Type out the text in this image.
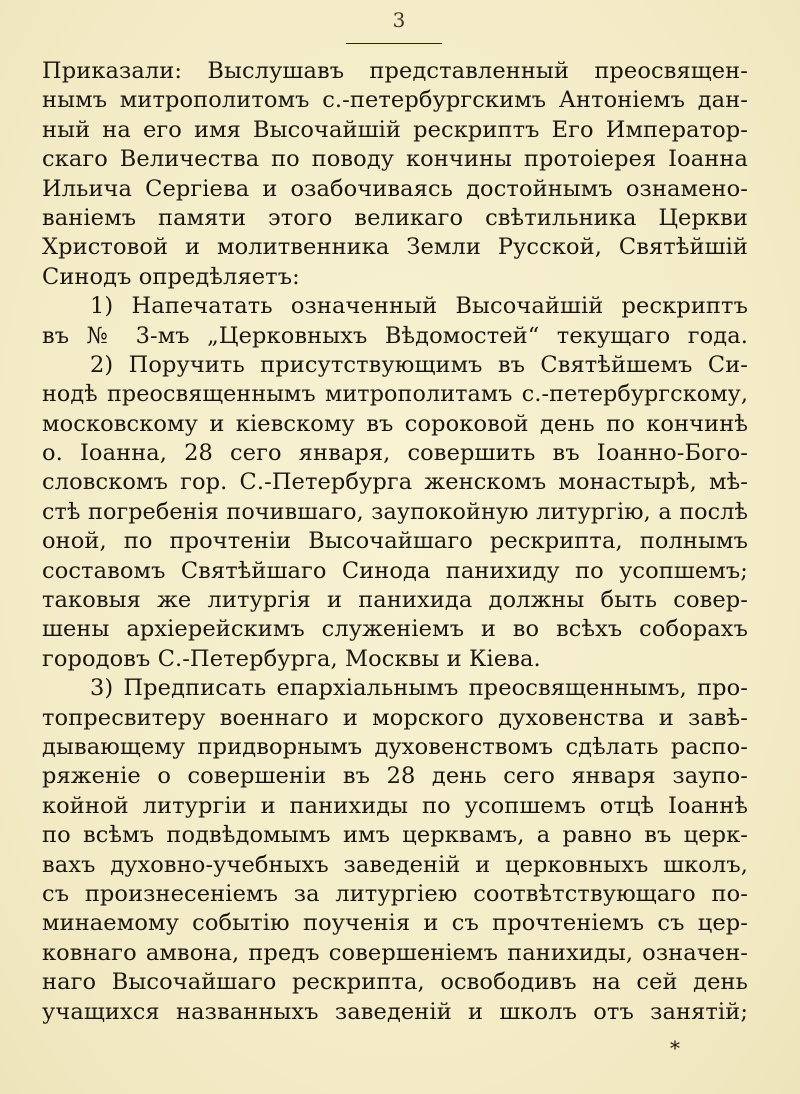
3
Приказали: Выслушавъ представленный преосвящен-
нымъ митрополитомъ с.-петербургскимъ Антоніемъ дан-
ный на его имя Высочайшій рескриптъ Его Император-
скаго Величества по поводу кончины протоіерея Іоанна
Ильича Сергіева и озабочиваясь достойнымъ ознамено-
ваніемъ памяти этого великаго свѣтильника Церкви
Христовой и молитвенника Земли Русской, Святѣйшій
Синодъ опредѣляетъ:
1) Напечатать означенный Высочайшій рескриптъ
въ № 3-мъ „Церковныхъ Вѣдомостей“ текущаго года.
2) Поручить присутствующимъ въ Святѣйшемъ Си-
нодѣ преосвященнымъ митрополитамъ с.-петербургскому,
московскому и кіевскому въ сороковой день по кончинѣ
о. Іоанна, 28 сего января, совершить въ Іоанно-Бого-
словскомъ гор. С.-Петербурга женскомъ монастырѣ, мѣ-
стѣ погребенія почившаго, заупокойную литургію, а послѣ
оной, по прочтеніи Высочайшаго рескрипта, полнымъ
составомъ Святѣйшаго Синода панихиду по усопшемъ;
таковыя же литургія и панихида должны быть совер-
шены архіерейскимъ служеніемъ и во всѣхъ соборахъ
городовъ С.-Петербурга, Москвы и Кіева.
3) Предписать епархіальнымъ преосвященнымъ, про-
топресвитеру военнаго и морского духовенства и завѣ-
дывающему придворнымъ духовенствомъ сдѣлать распо-
ряженіе о совершеніи въ 28 день сего января заупо-
койной литургіи и панихиды по усопшемъ отцѣ Іоаннѣ
по всѣмъ подвѣдомымъ имъ церквамъ, а равно въ церк-
вахъ духовно-учебныхъ заведеній и церковныхъ школъ,
съ произнесеніемъ за литургіею соотвѣтствующаго по-
минаемому событію поученія и съ прочтеніемъ съ цер-
ковнаго амвона, предъ совершеніемъ панихиды, означен-
наго Высочайшаго рескрипта, освободивъ на сей день
учащихся названныхъ заведеній и школъ отъ занятій;
*
